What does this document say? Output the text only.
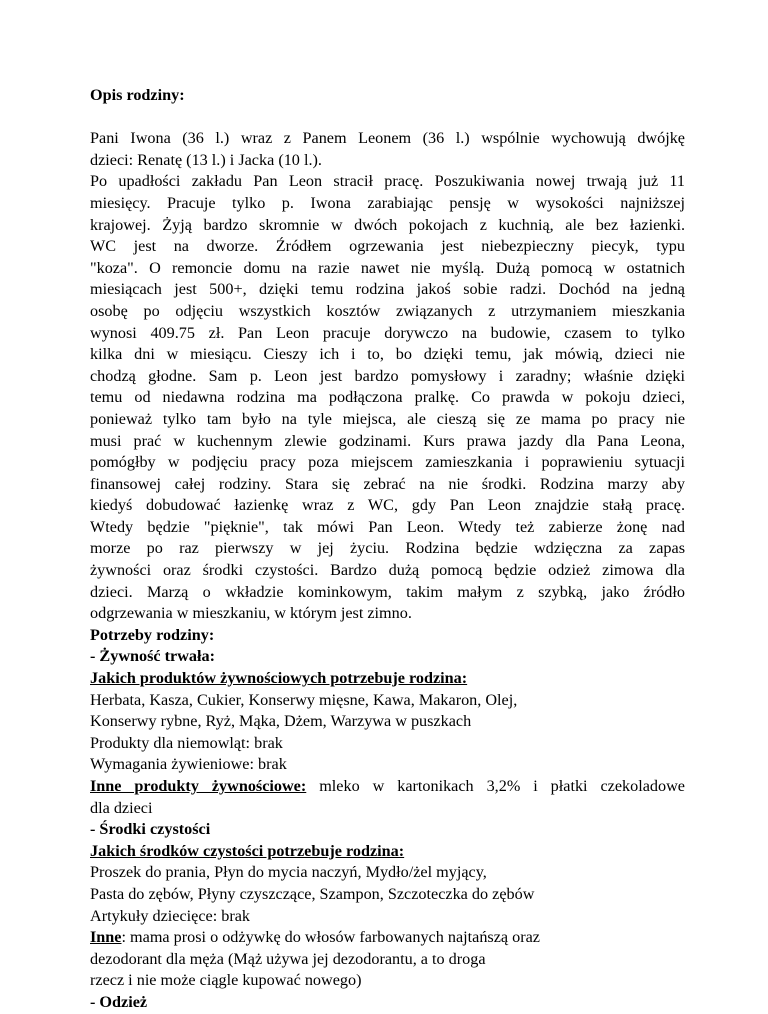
Opis rodziny:
Pani Iwona (36 l.) wraz z Panem Leonem (36 l.) wspólnie wychowują dwójkę
dzieci: Renatę (13 l.) i Jacka (10 l.).
Po upadłości zakładu Pan Leon stracił pracę. Poszukiwania nowej trwają już 11
miesięcy. Pracuje tylko p. Iwona zarabiając pensję w wysokości najniższej
krajowej. Żyją bardzo skromnie w dwóch pokojach z kuchnią, ale bez łazienki.
WC jest na dworze. Źródłem ogrzewania jest niebezpieczny piecyk, typu
"koza". O remoncie domu na razie nawet nie myślą. Dużą pomocą w ostatnich
miesiącach jest 500+, dzięki temu rodzina jakoś sobie radzi. Dochód na jedną
osobę po odjęciu wszystkich kosztów związanych z utrzymaniem mieszkania
wynosi 409.75 zł. Pan Leon pracuje dorywczo na budowie, czasem to tylko
kilka dni w miesiącu. Cieszy ich i to, bo dzięki temu, jak mówią, dzieci nie
chodzą głodne. Sam p. Leon jest bardzo pomysłowy i zaradny; właśnie dzięki
temu od niedawna rodzina ma podłączona pralkę. Co prawda w pokoju dzieci,
ponieważ tylko tam było na tyle miejsca, ale cieszą się ze mama po pracy nie
musi prać w kuchennym zlewie godzinami. Kurs prawa jazdy dla Pana Leona,
pomógłby w podjęciu pracy poza miejscem zamieszkania i poprawieniu sytuacji
finansowej całej rodziny. Stara się zebrać na nie środki. Rodzina marzy aby
kiedyś dobudować łazienkę wraz z WC, gdy Pan Leon znajdzie stałą pracę.
Wtedy będzie "pięknie", tak mówi Pan Leon. Wtedy też zabierze żonę nad
morze po raz pierwszy w jej życiu. Rodzina będzie wdzięczna za zapas
żywności oraz środki czystości. Bardzo dużą pomocą będzie odzież zimowa dla
dzieci. Marzą o wkładzie kominkowym, takim małym z szybką, jako źródło
odgrzewania w mieszkaniu, w którym jest zimno.
Potrzeby rodziny:
- Żywność trwała:
Jakich produktów żywnościowych potrzebuje rodzina:
Herbata, Kasza, Cukier, Konserwy mięsne, Kawa, Makaron, Olej,
Konserwy rybne, Ryż, Mąka, Dżem, Warzywa w puszkach
Produkty dla niemowląt: brak
Wymagania żywieniowe: brak
Inne produkty żywnościowe: mleko w kartonikach 3,2% i płatki czekoladowe
dla dzieci
- Środki czystości
Jakich środków czystości potrzebuje rodzina:
Proszek do prania, Płyn do mycia naczyń, Mydło/żel myjący,
Pasta do zębów, Płyny czyszczące, Szampon, Szczoteczka do zębów
Artykuły dziecięce: brak
Inne: mama prosi o odżywkę do włosów farbowanych najtańszą oraz
dezodorant dla męża (Mąż używa jej dezodorantu, a to droga
rzecz i nie może ciągle kupować nowego)
- Odzież
